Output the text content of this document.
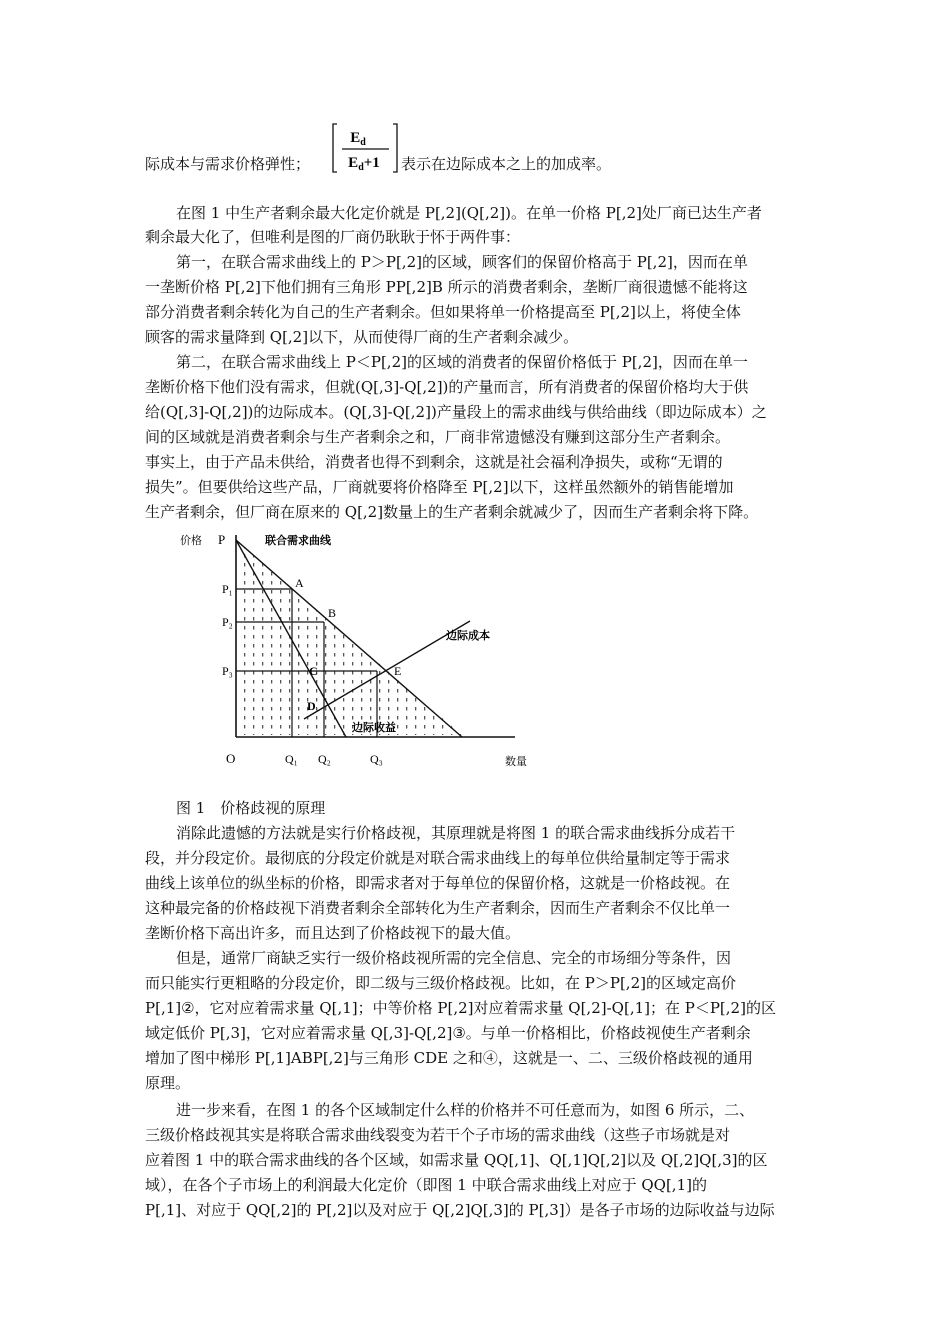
际成本与需求价格弹性；
$E_d$
$E_d+1$ 表示在边际成本之上的加成率。
在图 1 中生产者剩余最大化定价就是 P[,2](Q[,2])。在单一价格 P[,2]处厂商已达生产者
剩余最大化了，但唯利是图的厂商仍耿耿于怀于两件事：
第一，在联合需求曲线上的 P＞P[,2]的区域，顾客们的保留价格高于 P[,2]，因而在单
一垄断价格 P[,2]下他们拥有三角形 PP[,2]B 所示的消费者剩余，垄断厂商很遗憾不能将这
部分消费者剩余转化为自己的生产者剩余。但如果将单一价格提高至 P[,2]以上，将使全体
顾客的需求量降到 Q[,2]以下，从而使得厂商的生产者剩余减少。
第二，在联合需求曲线上 P＜P[,2]的区域的消费者的保留价格低于 P[,2]，因而在单一
垄断价格下他们没有需求，但就(Q[,3]-Q[,2])的产量而言，所有消费者的保留价格均大于供
给(Q[,3]-Q[,2])的边际成本。(Q[,3]-Q[,2])产量段上的需求曲线与供给曲线（即边际成本）之
间的区域就是消费者剩余与生产者剩余之和，厂商非常遗憾没有赚到这部分生产者剩余。
事实上，由于产品未供给，消费者也得不到剩余，这就是社会福利净损失，或称“无谓的
损失”。但要供给这些产品，厂商就要将价格降至 P[,2]以下，这样虽然额外的销售能增加
生产者剩余，但厂商在原来的 Q[,2]数量上的生产者剩余就减少了，因而生产者剩余将下降。
价格 P
P₁
P₂
P₃
O	Q₁ Q₂	Q₃	数量
联合需求曲线
边际成本
边际收益
A
B
C
D
E
图 1　价格歧视的原理
消除此遗憾的方法就是实行价格歧视，其原理就是将图 1 的联合需求曲线拆分成若干
段，并分段定价。最彻底的分段定价就是对联合需求曲线上的每单位供给量制定等于需求
曲线上该单位的纵坐标的价格，即需求者对于每单位的保留价格，这就是一价格歧视。在
这种最完备的价格歧视下消费者剩余全部转化为生产者剩余，因而生产者剩余不仅比单一
垄断价格下高出许多，而且达到了价格歧视下的最大值。
但是，通常厂商缺乏实行一级价格歧视所需的完全信息、完全的市场细分等条件，因
而只能实行更粗略的分段定价，即二级与三级价格歧视。比如，在 P＞P[,2]的区域定高价
P[,1]②，它对应着需求量 Q[,1]；中等价格 P[,2]对应着需求量 Q[,2]-Q[,1]；在 P＜P[,2]的区
域定低价 P[,3]，它对应着需求量 Q[,3]-Q[,2]③。与单一价格相比，价格歧视使生产者剩余
增加了图中梯形 P[,1]ABP[,2]与三角形 CDE 之和④，这就是一、二、三级价格歧视的通用
原理。
进一步来看，在图 1 的各个区域制定什么样的价格并不可任意而为，如图 6 所示，二、
三级价格歧视其实是将联合需求曲线裂变为若干个子市场的需求曲线（这些子市场就是对
应着图 1 中的联合需求曲线的各个区域，如需求量 QQ[,1]、Q[,1]Q[,2]以及 Q[,2]Q[,3]的区
域），在各个子市场上的利润最大化定价（即图 1 中联合需求曲线上对应于 QQ[,1]的
P[,1]、对应于 QQ[,2]的 P[,2]以及对应于 Q[,2]Q[,3]的 P[,3]）是各子市场的边际收益与边际
